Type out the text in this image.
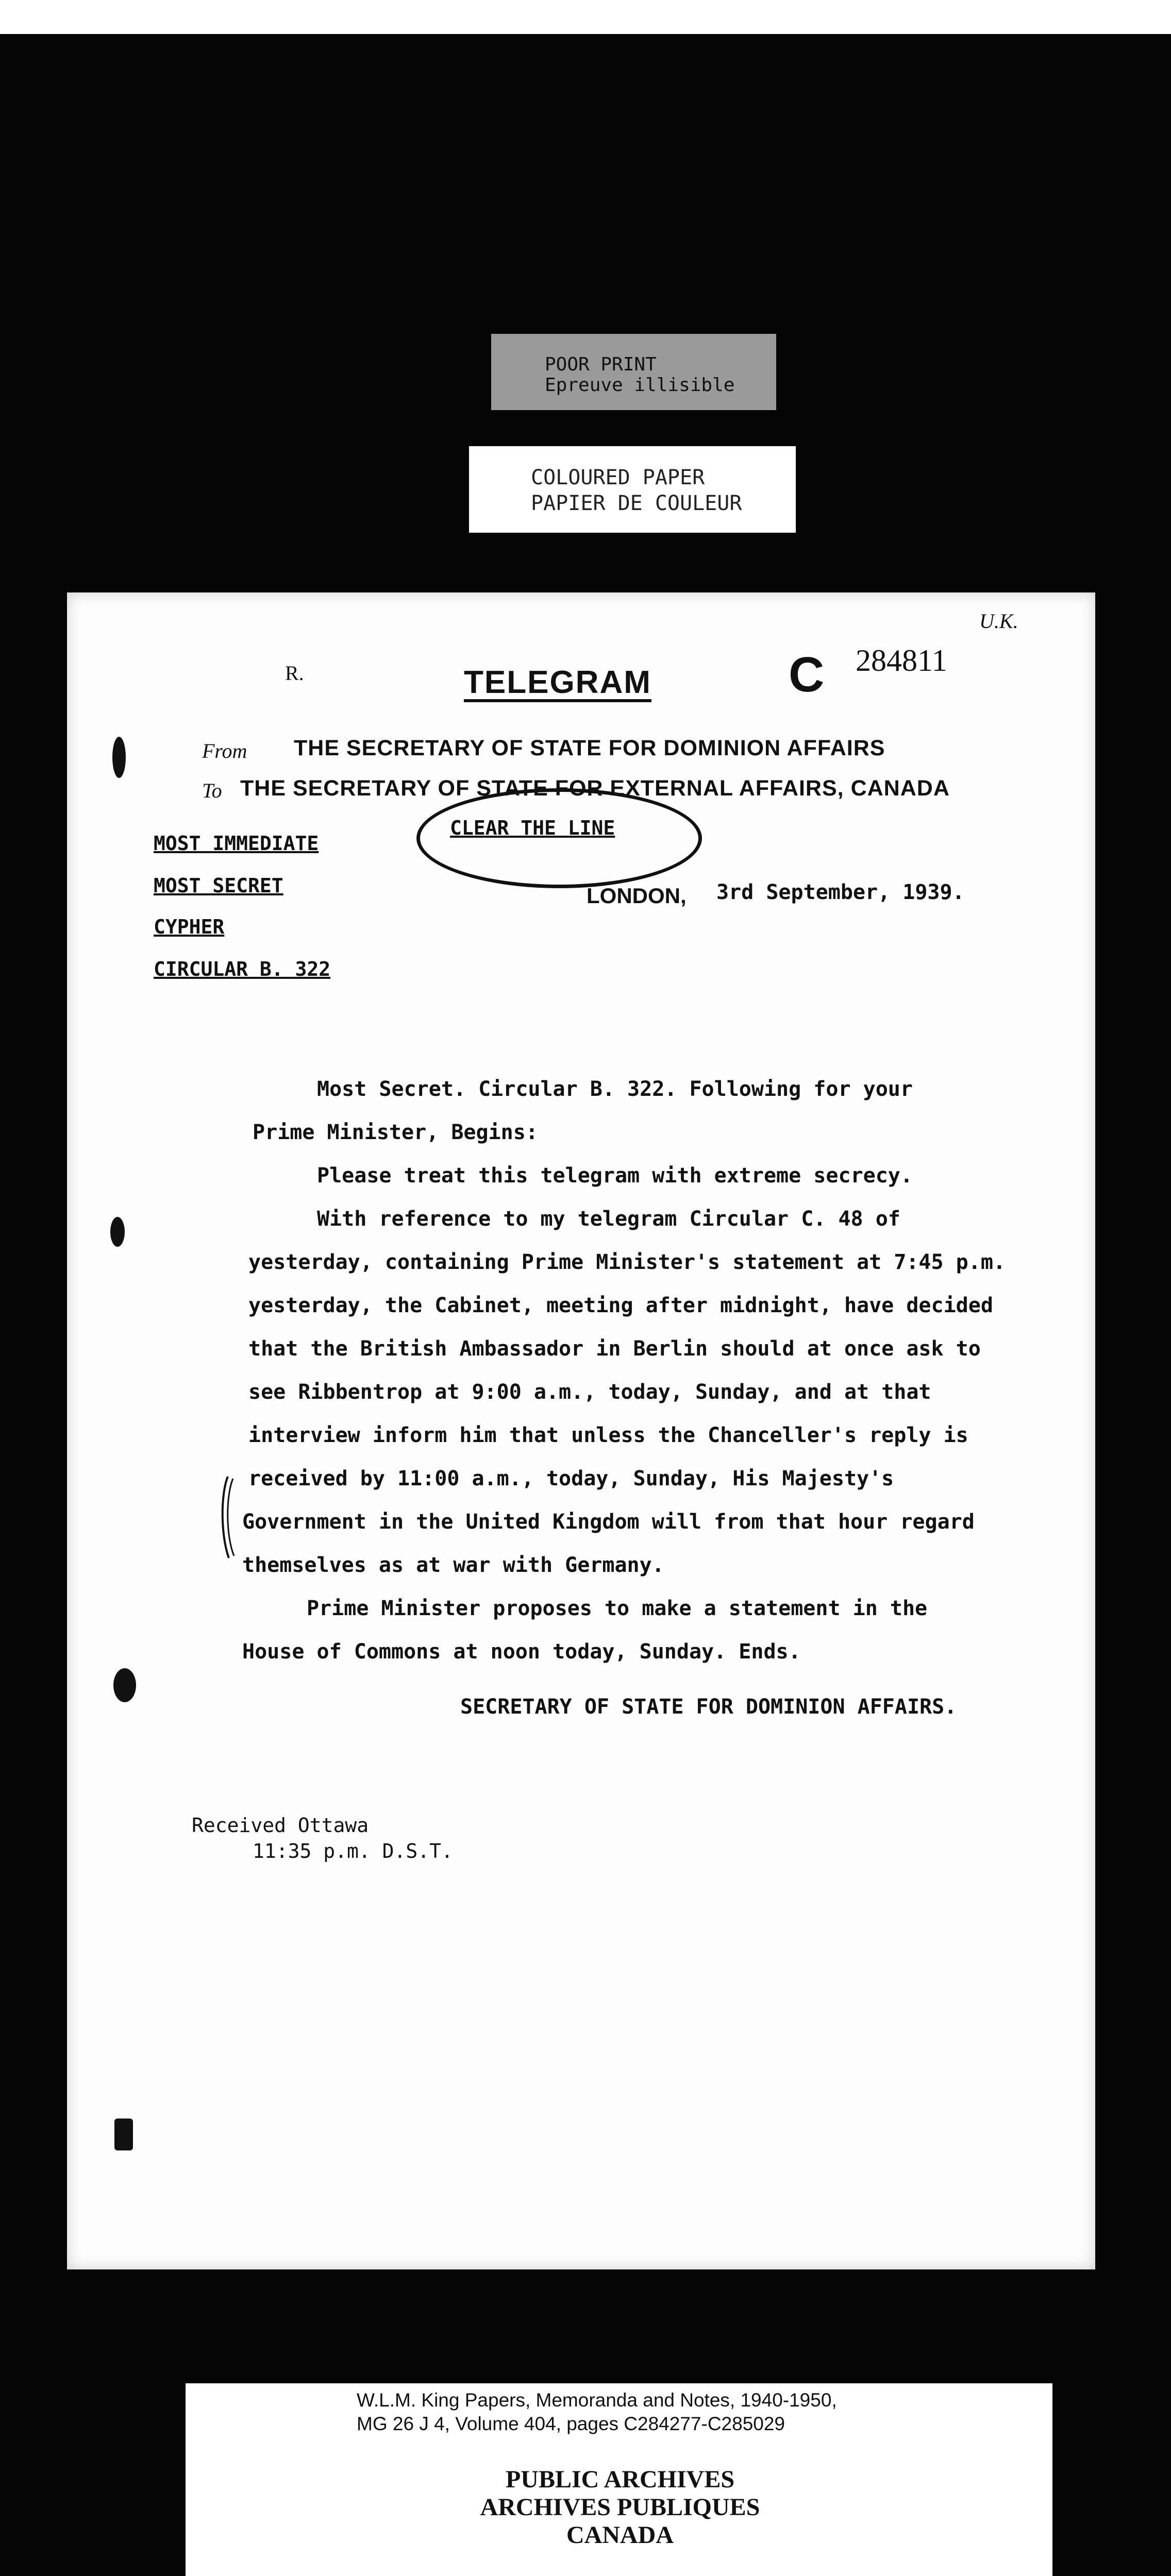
POOR PRINT
Epreuve illisible
COLOURED PAPER
PAPIER DE COULEUR
R.	TELEGRAM	C 284811
U.K.
From THE SECRETARY OF STATE FOR DOMINION AFFAIRS
To THE SECRETARY OF STATE FOR EXTERNAL AFFAIRS, CANADA
MOST IMMEDIATE
MOST SECRET
CYPHER
CIRCULAR B. 322
CLEAR THE LINE
LONDON, 3rd September, 1939.

Most Secret. Circular B. 322. Following for your

Prime Minister, Begins:

Please treat this telegram with extreme secrecy.

With reference to my telegram Circular C. 48 of

yesterday, containing Prime Minister's statement at 7:45 p.m.

yesterday, the Cabinet, meeting after midnight, have decided

that the British Ambassador in Berlin should at once ask to

see Ribbentrop at 9:00 a.m., today, Sunday, and at that

interview inform him that unless the Chanceller's reply is

received by 11:00 a.m., today, Sunday, His Majesty's

Government in the United Kingdom will from that hour regard

themselves as at war with Germany.

Prime Minister proposes to make a statement in the

House of Commons at noon today, Sunday. Ends.

SECRETARY OF STATE FOR DOMINION AFFAIRS.
Received Ottawa
11:35 p.m. D.S.T.
W.L.M. King Papers, Memoranda and Notes, 1940-1950,
MG 26 J 4, Volume 404, pages C284277-C285029
PUBLIC ARCHIVES
ARCHIVES PUBLIQUES
CANADA
